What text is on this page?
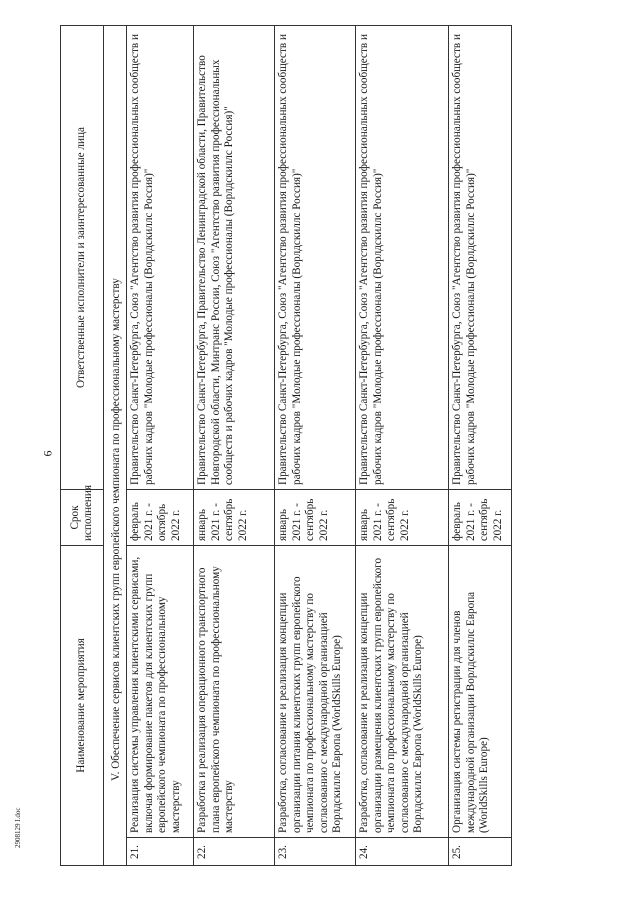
6
Наименование мероприятия		Срок исполнения	Ответственные исполнители и заинтересованные лица
V. Обеспечение сервисов клиентских групп европейского чемпионата по профессиональному мастерству			
21.	Реализация системы управления клиентскими сервисами, включая формирование пакетов для клиентских групп европейского чемпионата по профессиональному мастерству	февраль 2021 г. - октябрь 2022 г.	Правительство Санкт-Петербурга, Союз "Агентство развития профессиональных сообществ и рабочих кадров "Молодые профессионалы (Ворлдскиллс Россия)"
22.	Разработка и реализация операционного транспортного плана европейского чемпионата по профессиональному мастерству	январь 2021 г. - сентябрь 2022 г.	Правительство Санкт-Петербурга, Правительство Ленинградской области, Правительство Новгородской области, Минтранс России, Союз "Агентство развития профессиональных сообществ и рабочих кадров "Молодые профессионалы (Ворлдскиллс Россия)"
23.	Разработка, согласование и реализация концепции организации питания клиентских групп европейского чемпионата по профессиональному мастерству по согласованию с международной организацией Ворлдскиллс Европа (WorldSkills Europe)	январь 2021 г. - сентябрь 2022 г.	Правительство Санкт-Петербурга, Союз "Агентство развития профессиональных сообществ и рабочих кадров "Молодые профессионалы (Ворлдскиллс Россия)"
24.	Разработка, согласование и реализация концепции организации размещения клиентских групп европейского чемпионата по профессиональному мастерству по согласованию с международной организацией Ворлдскиллс Европа (WorldSkills Europe)	январь 2021 г. - сентябрь 2022 г.	Правительство Санкт-Петербурга, Союз "Агентство развития профессиональных сообществ и рабочих кадров "Молодые профессионалы (Ворлдскиллс Россия)"
25.	Организация системы регистрации для членов международной организации Ворлдскиллс Европа (WorldSkills Europe)	февраль 2021 г. - сентябрь 2022 г.	Правительство Санкт-Петербурга, Союз "Агентство развития профессиональных сообществ и рабочих кадров "Молодые профессионалы (Ворлдскиллс Россия)"
2908129 I.doc
